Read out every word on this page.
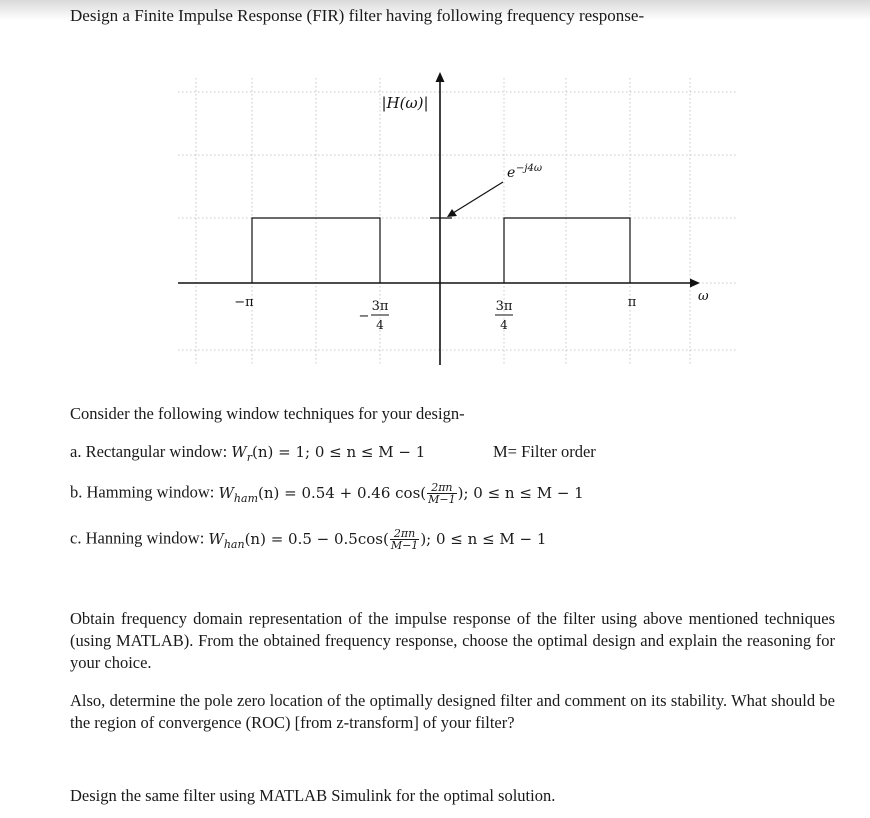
Design a Finite Impulse Response (FIR) filter having following frequency response-
|H(ω)|
e −j4ω
ω
−π	π
−
3π
4
3π
4
Consider the following window techniques for your design-
a. Rectangular window: $W_r(n) = 1$; 0 ≤ n ≤ M − 1	M= Filter order
b. Hamming window: $W_{ham}(n) = 0.54 + 0.46$ $\cos( \frac{2\pi n}{M-1}$ ); 0 ≤ n ≤ M − 1
c. Hanning window: $W_{han}(n) = 0.5 - 0.5\cos( \frac{2\pi n}{M-1}$ ); 0 ≤ n ≤ M − 1
Obtain frequency domain representation of the impulse response of the filter using above mentioned techniques (using MATLAB). From the obtained frequency response, choose the optimal design and explain the reasoning for your choice.
Also, determine the pole zero location of the optimally designed filter and comment on its stability. What should be the region of convergence (ROC) [from z-transform] of your filter?
Design the same filter using MATLAB Simulink for the optimal solution.
